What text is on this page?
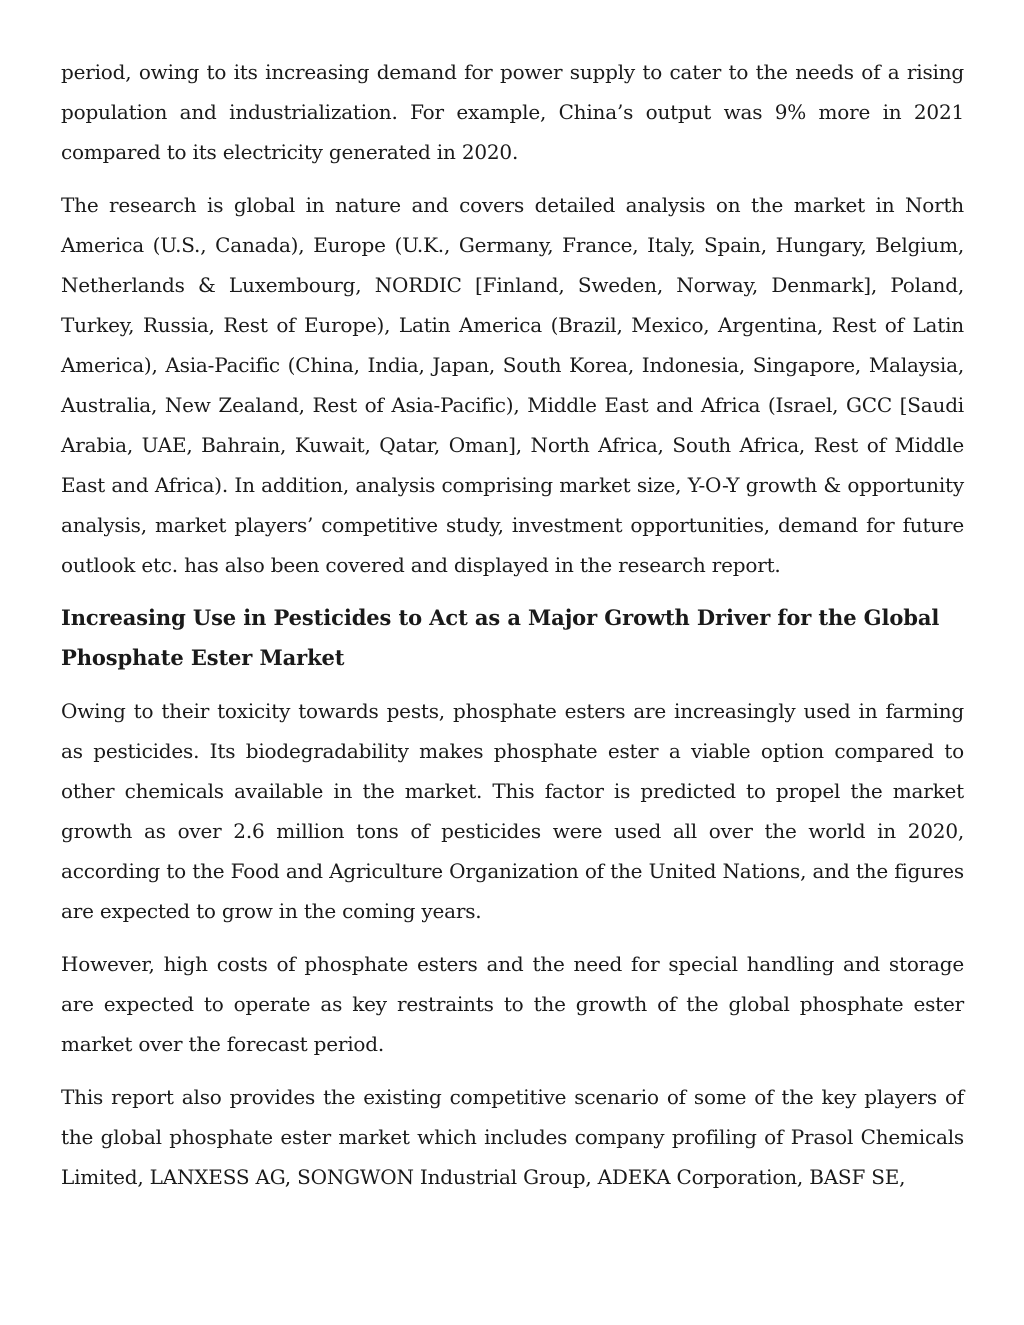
period, owing to its increasing demand for power supply to cater to the needs of a rising population and industrialization. For example, China’s output was 9% more in 2021 compared to its electricity generated in 2020.

The research is global in nature and covers detailed analysis on the market in North America (U.S., Canada), Europe (U.K., Germany, France, Italy, Spain, Hungary, Belgium, Netherlands & Luxembourg, NORDIC [Finland, Sweden, Norway, Denmark], Poland, Turkey, Russia, Rest of Europe), Latin America (Brazil, Mexico, Argentina, Rest of Latin America), Asia-Pacific (China, India, Japan, South Korea, Indonesia, Singapore, Malaysia, Australia, New Zealand, Rest of Asia-Pacific), Middle East and Africa (Israel, GCC [Saudi Arabia, UAE, Bahrain, Kuwait, Qatar, Oman], North Africa, South Africa, Rest of Middle East and Africa). In addition, analysis comprising market size, Y-O-Y growth & opportunity analysis, market players’ competitive study, investment opportunities, demand for future outlook etc. has also been covered and displayed in the research report.

Increasing Use in Pesticides to Act as a Major Growth Driver for the Global Phosphate Ester Market

Owing to their toxicity towards pests, phosphate esters are increasingly used in farming as pesticides. Its biodegradability makes phosphate ester a viable option compared to other chemicals available in the market. This factor is predicted to propel the market growth as over 2.6 million tons of pesticides were used all over the world in 2020, according to the Food and Agriculture Organization of the United Nations, and the figures are expected to grow in the coming years.

However, high costs of phosphate esters and the need for special handling and storage are expected to operate as key restraints to the growth of the global phosphate ester market over the forecast period.

This report also provides the existing competitive scenario of some of the key players of the global phosphate ester market which includes company profiling of Prasol Chemicals Limited, LANXESS AG, SONGWON Industrial Group, ADEKA Corporation, BASF SE,
